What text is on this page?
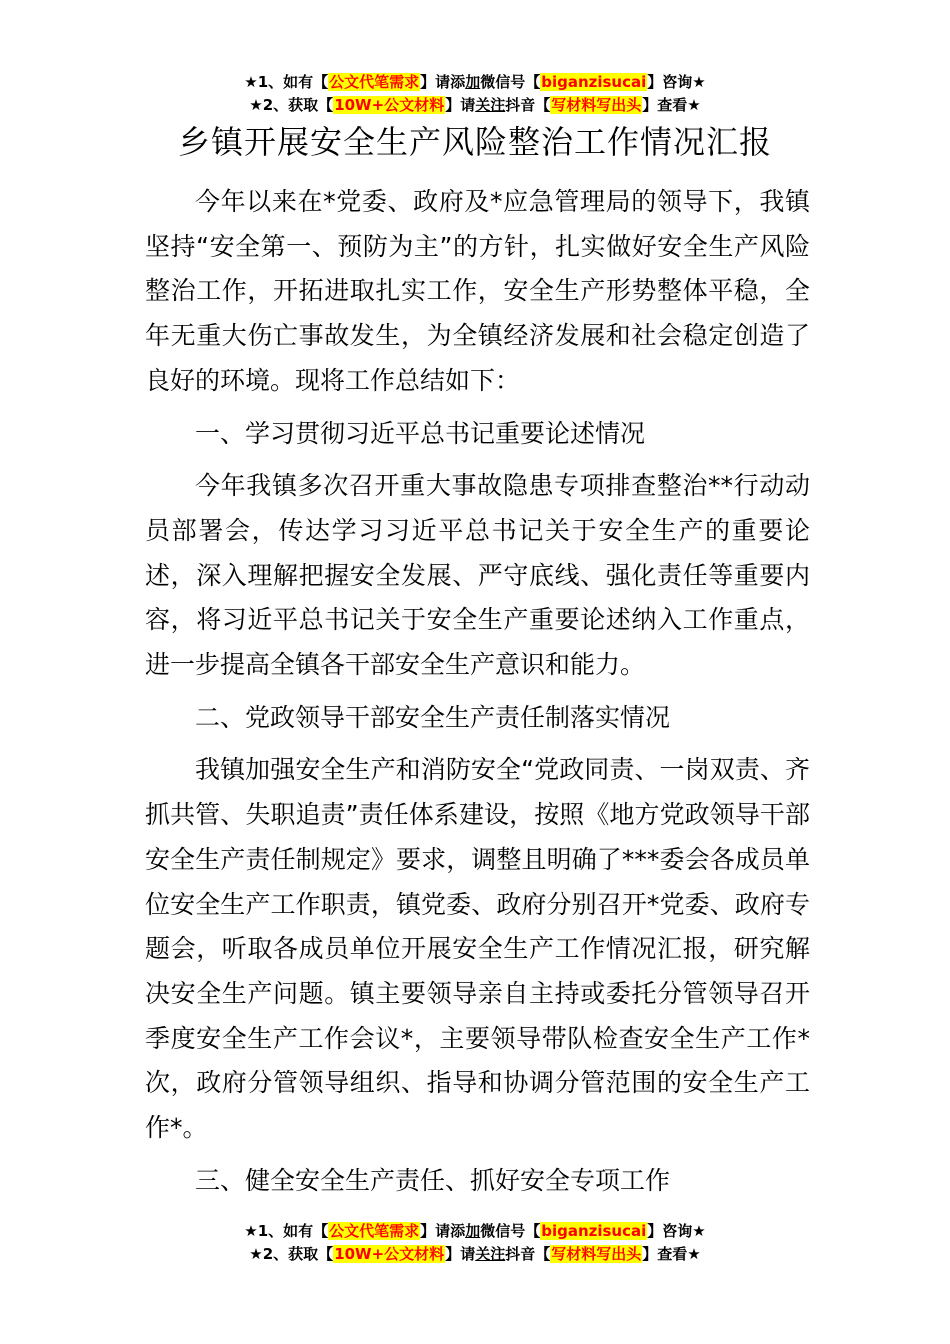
★1、如有【公文代笔需求】请添加微信号【biganzisucai】咨询★
★2、获取【10W+公文材料】请关注抖音【写材料写出头】查看★
乡镇开展安全生产风险整治工作情况汇报

今年以来在*党委、政府及*应急管理局的领导下，我镇坚持“安全第一、预防为主”的方针，扎实做好安全生产风险整治工作，开拓进取扎实工作，安全生产形势整体平稳，全年无重大伤亡事故发生，为全镇经济发展和社会稳定创造了良好的环境。现将工作总结如下：

一、学习贯彻习近平总书记重要论述情况

今年我镇多次召开重大事故隐患专项排查整治**行动动员部署会，传达学习习近平总书记关于安全生产的重要论述，深入理解把握安全发展、严守底线、强化责任等重要内容，将习近平总书记关于安全生产重要论述纳入工作重点，进一步提高全镇各干部安全生产意识和能力。

二、党政领导干部安全生产责任制落实情况

我镇加强安全生产和消防安全“党政同责、一岗双责、齐抓共管、失职追责”责任体系建设，按照《地方党政领导干部安全生产责任制规定》要求，调整且明确了***委会各成员单位安全生产工作职责，镇党委、政府分别召开*党委、政府专题会，听取各成员单位开展安全生产工作情况汇报，研究解决安全生产问题。镇主要领导亲自主持或委托分管领导召开季度安全生产工作会议*，主要领导带队检查安全生产工作*次，政府分管领导组织、指导和协调分管范围的安全生产工作*。

三、健全安全生产责任、抓好安全专项工作

★1、如有【公文代笔需求】请添加微信号【biganzisucai】咨询★
★2、获取【10W+公文材料】请关注抖音【写材料写出头】查看★
